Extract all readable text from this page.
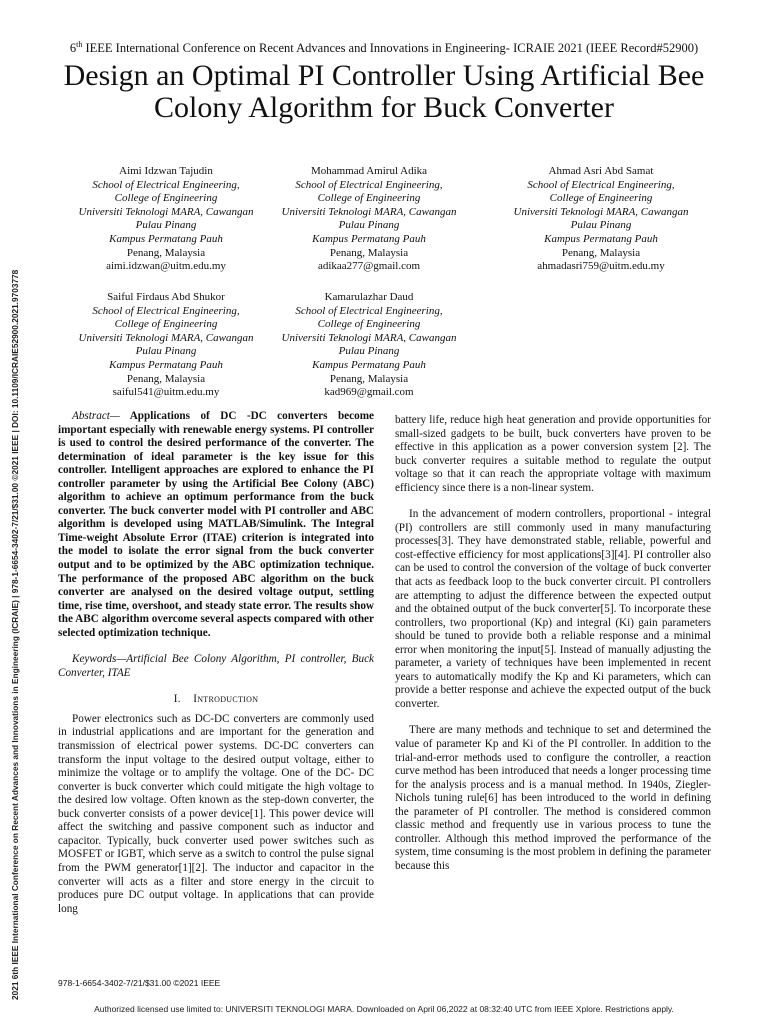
6th IEEE International Conference on Recent Advances and Innovations in Engineering- ICRAIE 2021 (IEEE Record#52900)
Design an Optimal PI Controller Using Artificial Bee Colony Algorithm for Buck Converter
Aimi Idzwan Tajudin
School of Electrical Engineering,
College of Engineering
Universiti Teknologi MARA, Cawangan
Pulau Pinang
Kampus Permatang Pauh
Penang, Malaysia
aimi.idzwan@uitm.edu.my
Mohammad Amirul Adika
School of Electrical Engineering,
College of Engineering
Universiti Teknologi MARA, Cawangan
Pulau Pinang
Kampus Permatang Pauh
Penang, Malaysia
adikaa277@gmail.com
Ahmad Asri Abd Samat
School of Electrical Engineering,
College of Engineering
Universiti Teknologi MARA, Cawangan
Pulau Pinang
Kampus Permatang Pauh
Penang, Malaysia
ahmadasri759@uitm.edu.my
Saiful Firdaus Abd Shukor
School of Electrical Engineering,
College of Engineering
Universiti Teknologi MARA, Cawangan
Pulau Pinang
Kampus Permatang Pauh
Penang, Malaysia
saiful541@uitm.edu.my
Kamarulazhar Daud
School of Electrical Engineering,
College of Engineering
Universiti Teknologi MARA, Cawangan
Pulau Pinang
Kampus Permatang Pauh
Penang, Malaysia
kad969@gmail.com
2021 6th IEEE International Conference on Recent Advances and Innovations in Engineering (ICRAIE) | 978-1-6654-3402-7/21/$31.00 ©2021 IEEE | DOI: 10.1109/ICRAIE52900.2021.9703778	Abstract— Applications of DC -DC converters become important especially with renewable energy systems. PI controller is used to control the desired performance of the converter. The determination of ideal parameter is the key issue for this controller. Intelligent approaches are explored to enhance the PI controller parameter by using the Artificial Bee Colony (ABC) algorithm to achieve an optimum performance from the buck converter. The buck converter model with PI controller and ABC algorithm is developed using MATLAB/Simulink. The Integral Time-weight Absolute Error (ITAE) criterion is integrated into the model to isolate the error signal from the buck converter output and to be optimized by the ABC optimization technique. The performance of the proposed ABC algorithm on the buck converter are analysed on the desired voltage output, settling time, rise time, overshoot, and steady state error. The results show the ABC algorithm overcome several aspects compared with other selected optimization technique.

Keywords—Artificial Bee Colony Algorithm, PI controller, Buck Converter, ITAE

I. Introduction

Power electronics such as DC-DC converters are commonly used in industrial applications and are important for the generation and transmission of electrical power systems. DC-DC converters can transform the input voltage to the desired output voltage, either to minimize the voltage or to amplify the voltage. One of the DC- DC converter is buck converter which could mitigate the high voltage to the desired low voltage. Often known as the step-down converter, the buck converter consists of a power device[1]. This power device will affect the switching and passive component such as inductor and capacitor. Typically, buck converter used power switches such as MOSFET or IGBT, which serve as a switch to control the pulse signal from the PWM generator[1][2]. The inductor and capacitor in the converter will acts as a filter and store energy in the circuit to produces pure DC output voltage. In applications that can provide long

battery life, reduce high heat generation and provide opportunities for small-sized gadgets to be built, buck converters have proven to be effective in this application as a power conversion system [2]. The buck converter requires a suitable method to regulate the output voltage so that it can reach the appropriate voltage with maximum efficiency since there is a non-linear system.

In the advancement of modern controllers, proportional - integral (PI) controllers are still commonly used in many manufacturing processes[3]. They have demonstrated stable, reliable, powerful and cost-effective efficiency for most applications[3][4]. PI controller also can be used to control the conversion of the voltage of buck converter that acts as feedback loop to the buck converter circuit. PI controllers are attempting to adjust the difference between the expected output and the obtained output of the buck converter[5]. To incorporate these controllers, two proportional (Kp) and integral (Ki) gain parameters should be tuned to provide both a reliable response and a minimal error when monitoring the input[5]. Instead of manually adjusting the parameter, a variety of techniques have been implemented in recent years to automatically modify the Kp and Ki parameters, which can provide a better response and achieve the expected output of the buck converter.

There are many methods and technique to set and determined the value of parameter Kp and Ki of the PI controller. In addition to the trial-and-error methods used to configure the controller, a reaction curve method has been introduced that needs a longer processing time for the analysis process and is a manual method. In 1940s, Ziegler-Nichols tuning rule[6] has been introduced to the world in defining the parameter of PI controller. The method is considered common classic method and frequently use in various process to tune the controller. Although this method improved the performance of the system, time consuming is the most problem in defining the parameter because this

978-1-6654-3402-7/21/$31.00 ©2021 IEEE
Authorized licensed use limited to: UNIVERSITI TEKNOLOGI MARA. Downloaded on April 06,2022 at 08:32:40 UTC from IEEE Xplore. Restrictions apply.
